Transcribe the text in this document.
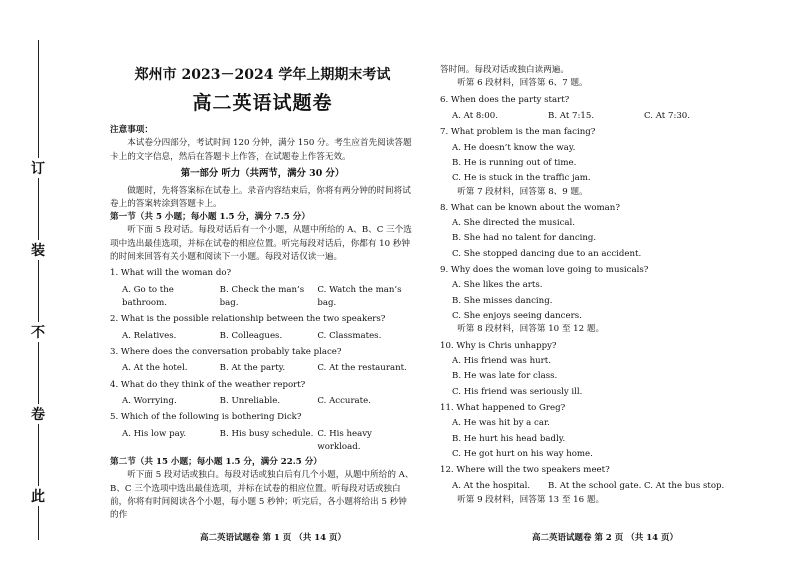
订
装
不
卷
此
郑州市 2023－2024 学年上期期末考试
高二英语试题卷
注意事项：
本试卷分四部分，考试时间 120 分钟，满分 150 分。考生应首先阅读答题卡上的文字信息，然后在答题卡上作答，在试题卷上作答无效。
第一部分 听力（共两节，满分 30 分）
做题时，先将答案标在试卷上。录音内容结束后，你将有两分钟的时间将试卷上的答案转涂到答题卡上。
第一节（共 5 小题；每小题 1.5 分，满分 7.5 分）
听下面 5 段对话。每段对话后有一个小题，从题中所给的 A、B、C 三个选项中选出最佳选项，并标在试卷的相应位置。听完每段对话后，你都有 10 秒钟的时间来回答有关小题和阅读下一小题。每段对话仅读一遍。
1. What will the woman do?
A. Go to the bathroom.
B. Check the man’s bag.
C. Watch the man’s bag.
2. What is the possible relationship between the two speakers?
A. Relatives.	B. Colleagues.	C. Classmates.
3. Where does the conversation probably take place?
A. At the hotel.	B. At the party.	C. At the restaurant.
4. What do they think of the weather report?
A. Worrying.	B. Unreliable.	C. Accurate.
5. Which of the following is bothering Dick?
A. His low pay.	B. His busy schedule. C. His heavy workload.
第二节（共 15 小题；每小题 1.5 分，满分 22.5 分）
听下面 5 段对话或独白。每段对话或独白后有几个小题，从题中所给的 A、B、C 三个选项中选出最佳选项，并标在试卷的相应位置。听每段对话或独白前，你将有时间阅读各个小题，每小题 5 秒钟；听完后，各小题将给出 5 秒钟的作
高二英语试题卷 第 1 页 （共 14 页）
答时间。每段对话或独白读两遍。
听第 6 段材料，回答第 6、7 题。
6. When does the party start?
A. At 8:00.	B. At 7:15.	C. At 7:30.
7. What problem is the man facing?
A. He doesn’t know the way.
B. He is running out of time.
C. He is stuck in the traffic jam.
听第 7 段材料，回答第 8、9 题。
8. What can be known about the woman?
A. She directed the musical.
B. She had no talent for dancing.
C. She stopped dancing due to an accident.
9. Why does the woman love going to musicals?
A. She likes the arts.
B. She misses dancing.
C. She enjoys seeing dancers.
听第 8 段材料，回答第 10 至 12 题。
10. Why is Chris unhappy?
A. His friend was hurt.
B. He was late for class.
C. His friend was seriously ill.
11. What happened to Greg?
A. He was hit by a car.
B. He hurt his head badly.
C. He got hurt on his way home.
12. Where will the two speakers meet?
A. At the hospital.	B. At the school gate. C. At the bus stop.
听第 9 段材料，回答第 13 至 16 题。
高二英语试题卷 第 2 页 （共 14 页）
